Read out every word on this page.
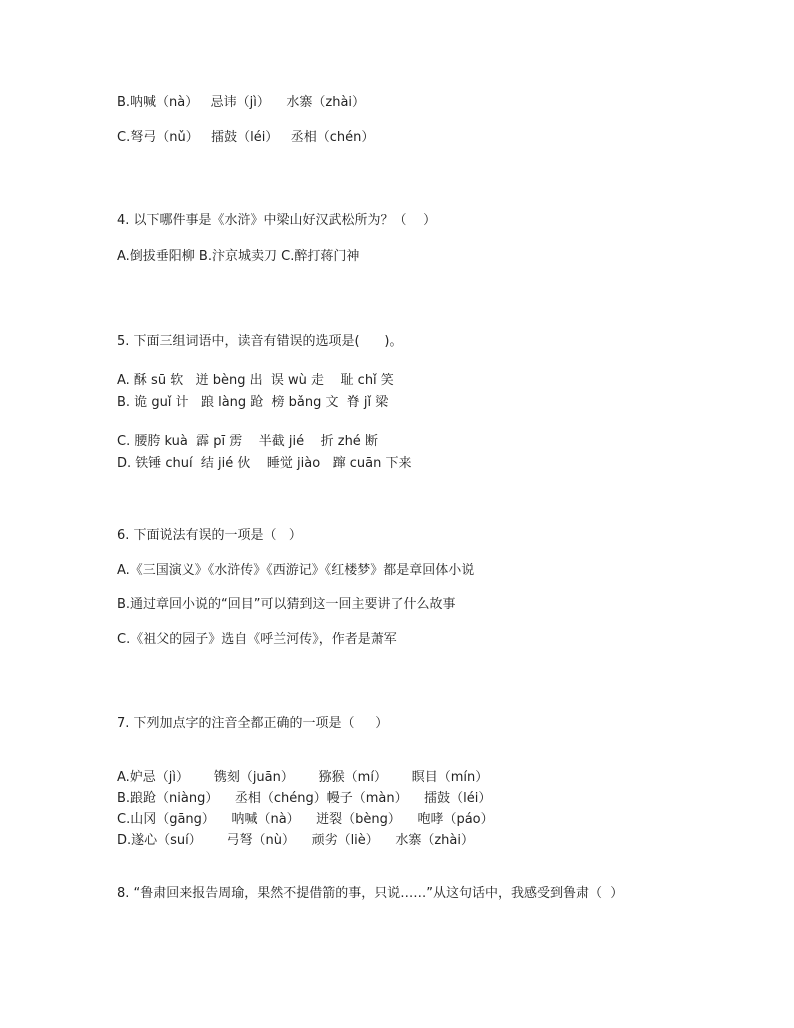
B.呐喊（nà）   忌讳（jì）    水寨（zhài）

C.弩弓（nǔ）   擂鼓（léi）   丞相（chén）

4. 以下哪件事是《水浒》中梁山好汉武松所为？（    ）

A.倒拔垂阳柳 B.汴京城卖刀 C.醉打蒋门神

5. 下面三组词语中，读音有错误的选项是(      )。

A. 酥 sū 软   迸 bèng 出  误 wù 走    耻 chǐ 笑

B. 诡 guǐ 计   踉 làng 跄  榜 bǎng 文  脊 jǐ 梁

C. 腰胯 kuà  霹 pī 雳    半截 jié    折 zhé 断

D. 铁锤 chuí  结 jié 伙    睡觉 jiào   蹿 cuān 下来

6. 下面说法有误的一项是（   ）

A.《三国演义》《水浒传》《西游记》《红楼梦》都是章回体小说

B.通过章回小说的“回目”可以猜到这一回主要讲了什么故事

C.《祖父的园子》选自《呼兰河传》，作者是萧军

7. 下列加点字的注音全都正确的一项是（     ）

A.妒忌（jì）      镌刻（juān）      猕猴（mí）      瞑目（mín）

B.踉跄（niàng）    丞相（chéng）幔子（màn）    擂鼓（léi）

C.山冈（gāng）    呐喊（nà）    迸裂（bèng）    咆哮（páo）

D.遂心（suí）      弓弩（nù）    顽劣（liè）    水寨（zhài）

8. “鲁肃回来报告周瑜，果然不提借箭的事，只说……”从这句话中，我感受到鲁肃（  ）
